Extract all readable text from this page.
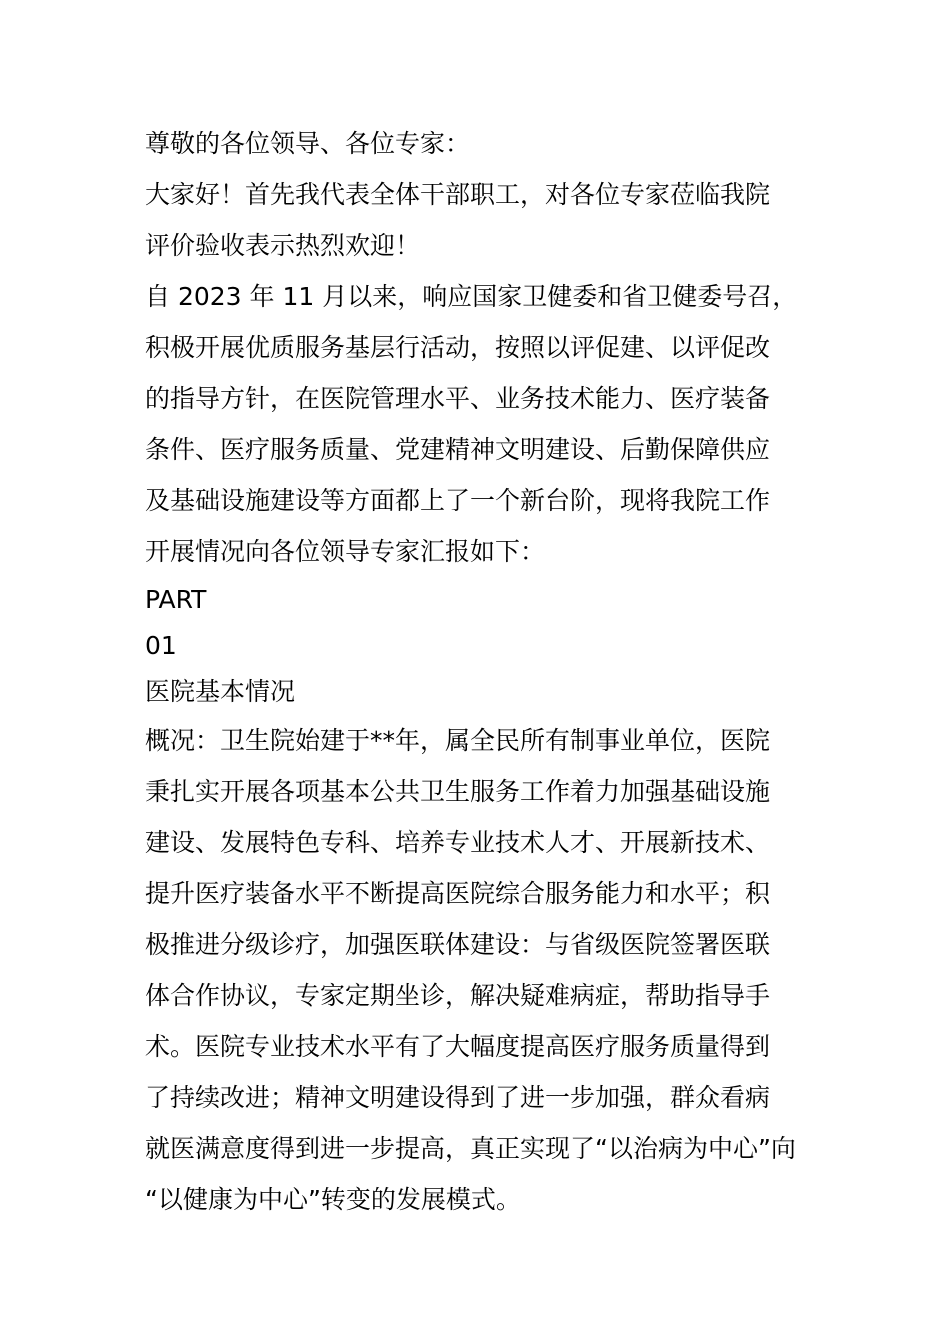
尊敬的各位领导、各位专家：

大家好！首先我代表全体干部职工，对各位专家莅临我院
评价验收表示热烈欢迎！

自 2023 年 11 月以来，响应国家卫健委和省卫健委号召，
积极开展优质服务基层行活动，按照以评促建、以评促改
的指导方针，在医院管理水平、业务技术能力、医疗装备
条件、医疗服务质量、党建精神文明建设、后勤保障供应
及基础设施建设等方面都上了一个新台阶，现将我院工作
开展情况向各位领导专家汇报如下：

PART
01
医院基本情况

概况：卫生院始建于**年，属全民所有制事业单位，医院
秉扎实开展各项基本公共卫生服务工作着力加强基础设施
建设、发展特色专科、培养专业技术人才、开展新技术、
提升医疗装备水平不断提高医院综合服务能力和水平；积
极推进分级诊疗，加强医联体建设：与省级医院签署医联
体合作协议，专家定期坐诊，解决疑难病症，帮助指导手
术。医院专业技术水平有了大幅度提高医疗服务质量得到
了持续改进；精神文明建设得到了进一步加强，群众看病
就医满意度得到进一步提高，真正实现了“以治病为中心”向
“以健康为中心”转变的发展模式。
